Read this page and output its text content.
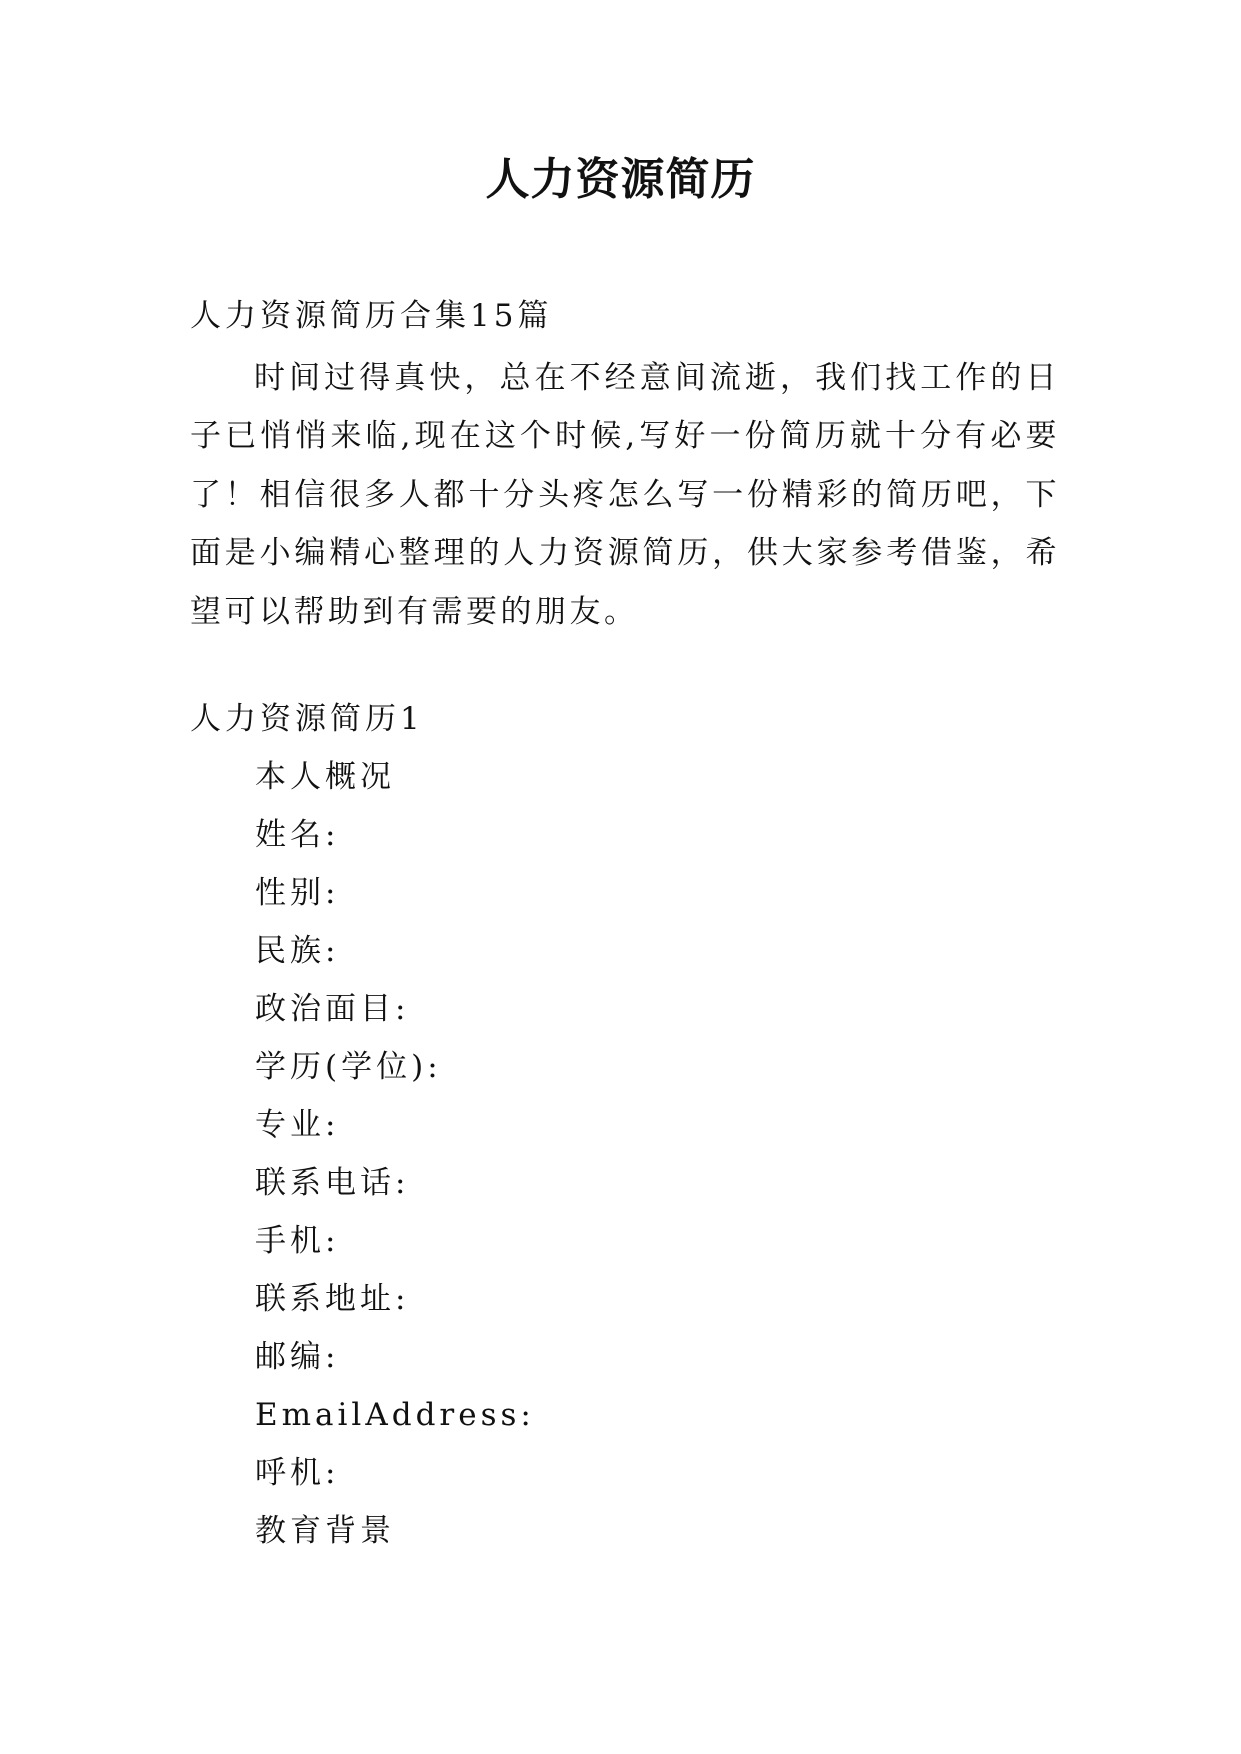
人力资源简历
人力资源简历合集15篇
时间过得真快，总在不经意间流逝，我们找工作的日子已悄悄来临,现在这个时候,写好一份简历就十分有必要了！相信很多人都十分头疼怎么写一份精彩的简历吧，下面是小编精心整理的人力资源简历，供大家参考借鉴，希望可以帮助到有需要的朋友。
人力资源简历1
本人概况
姓名:
性别:
民族:
政治面目:
学历(学位):
专业:
联系电话:
手机:
联系地址:
邮编:
EmailAddress:
呼机:
教育背景
